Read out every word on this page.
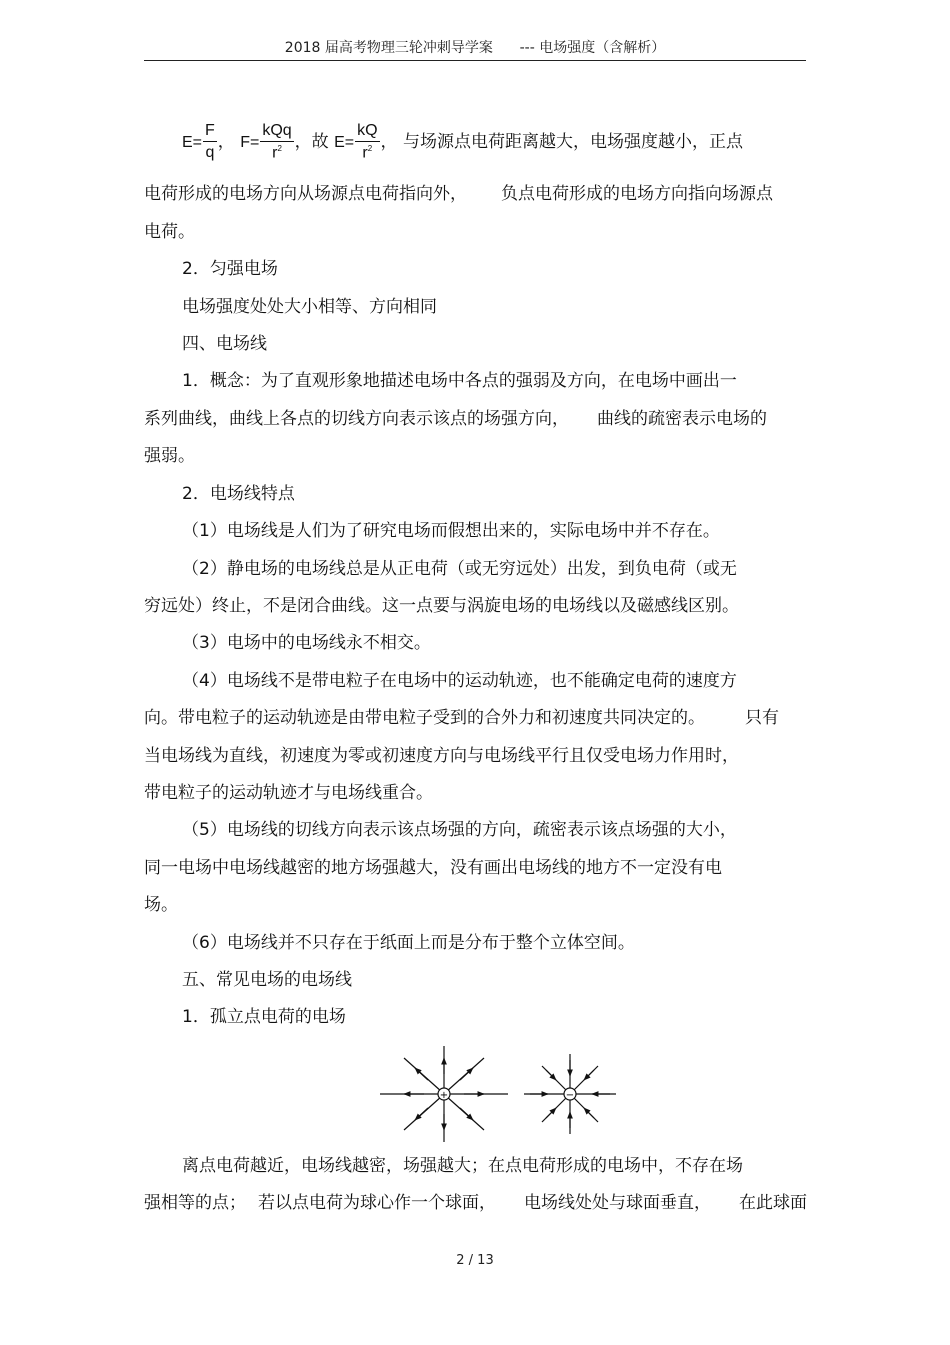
2018 届高考物理三轮冲刺导学案 --- 电场强度（含解析）
$E= \frac{F}{q}$ ， $F= \frac{\text{kQq}}{r^2}$ ，故 $E= \frac{kQ}{r^2}$ ， 与场源点电荷距离越大，电场强度越小，正点
电荷形成的电场方向从场源点电荷指向外， 负点电荷形成的电场方向指向场源点
电荷。
2．匀强电场
电场强度处处大小相等、方向相同
四、电场线
1．概念：为了直观形象地描述电场中各点的强弱及方向，在电场中画出一
系列曲线，曲线上各点的切线方向表示该点的场强方向， 曲线的疏密表示电场的
强弱。
2．电场线特点
（1）电场线是人们为了研究电场而假想出来的，实际电场中并不存在。
（2）静电场的电场线总是从正电荷（或无穷远处）出发，到负电荷（或无
穷远处）终止，不是闭合曲线。这一点要与涡旋电场的电场线以及磁感线区别。
（3）电场中的电场线永不相交。
（4）电场线不是带电粒子在电场中的运动轨迹，也不能确定电荷的速度方
向。带电粒子的运动轨迹是由带电粒子受到的合外力和初速度共同决定的。 只有
当电场线为直线，初速度为零或初速度方向与电场线平行且仅受电场力作用时，
带电粒子的运动轨迹才与电场线重合。
（5）电场线的切线方向表示该点场强的方向，疏密表示该点场强的大小，
同一电场中电场线越密的地方场强越大，没有画出电场线的地方不一定没有电
场。
（6）电场线并不只存在于纸面上而是分布于整个立体空间。
五、常见电场的电场线
1．孤立点电荷的电场
+	−
离点电荷越近，电场线越密，场强越大；在点电荷形成的电场中，不存在场
强相等的点； 若以点电荷为球心作一个球面， 电场线处处与球面垂直， 在此球面
2 / 13
